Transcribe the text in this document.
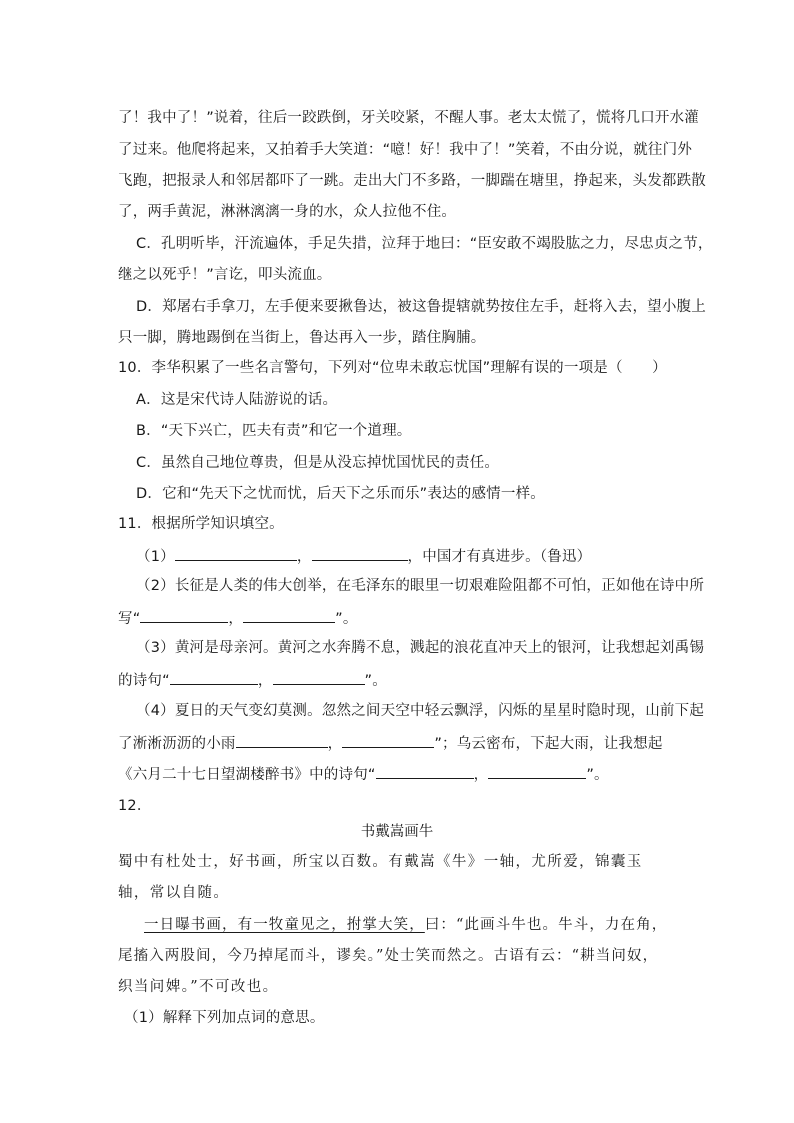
了！我中了！”说着，往后一跤跌倒，牙关咬紧，不醒人事。老太太慌了，慌将几口开水灌
了过来。他爬将起来，又拍着手大笑道：“噫！好！我中了！”笑着，不由分说，就往门外
飞跑，把报录人和邻居都吓了一跳。走出大门不多路，一脚踹在塘里，挣起来，头发都跌散
了，两手黄泥，淋淋漓漓一身的水，众人拉他不住。
C．孔明听毕，汗流遍体，手足失措，泣拜于地曰：“臣安敢不竭股肱之力，尽忠贞之节，
继之以死乎！”言讫，叩头流血。
D．郑屠右手拿刀，左手便来要揪鲁达，被这鲁提辖就势按住左手，赶将入去，望小腹上
只一脚，腾地踢倒在当街上，鲁达再入一步，踏住胸脯。
10．李华积累了一些名言警句，下列对“位卑未敢忘忧国”理解有误的一项是（　　）
A．这是宋代诗人陆游说的话。
B．“天下兴亡，匹夫有责”和它一个道理。
C．虽然自己地位尊贵，但是从没忘掉忧国忧民的责任。
D．它和“先天下之忧而忧，后天下之乐而乐”表达的感情一样。
11．根据所学知识填空。
（1）	，	，中国才有真进步。（鲁迅）
（2）长征是人类的伟大创举，在毛泽东的眼里一切艰难险阻都不可怕，正如他在诗中所
写“	，	”。
（3）黄河是母亲河。黄河之水奔腾不息，溅起的浪花直冲天上的银河，让我想起刘禹锡
的诗句“	，	”。
（4）夏日的天气变幻莫测。忽然之间天空中轻云飘浮，闪烁的星星时隐时现，山前下起
了淅淅沥沥的小雨	，	”；乌云密布，下起大雨，让我想起
《六月二十七日望湖楼醉书》中的诗句“	，	”。
12．
书戴嵩画牛
蜀中有杜处士，好书画，所宝以百数。有戴嵩《牛》一轴，尤所爱，锦囊玉
轴，常以自随。
一日曝书画，有一牧童见之，拊掌大笑，曰：“此画斗牛也。牛斗，力在角，
尾搐入两股间，今乃掉尾而斗，谬矣。”处士笑而然之。古语有云：“耕当问奴，
织当问婢。”不可改也。
（1）解释下列加点词的意思。
